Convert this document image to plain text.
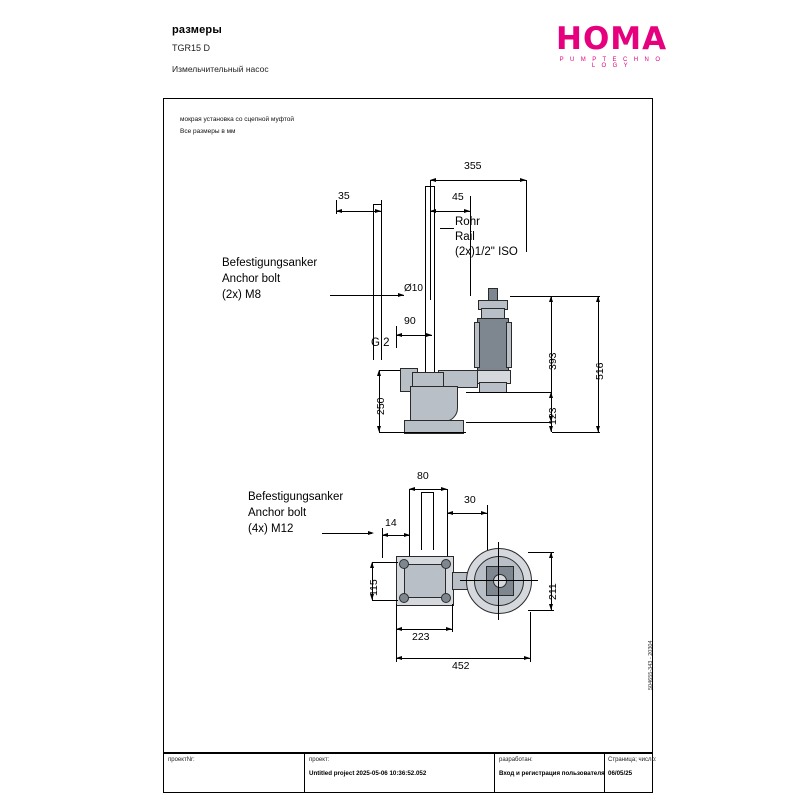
размеры
TGR15 D
Измельчительный насос
HOMA
P U M P T E C H N O L O G Y
мокрая установка со сцепной муфтой
Все размеры в мм
355
45
35
Rohr
Rail
(2x)1/2" ISO
Befestigungsanker
Anchor bolt
(2x) M8
Ø10
90
G 2
250
393
123
516
80
30
14
Befestigungsanker
Anchor bolt
(4x) M12
115	211
223
452	504655-343 - 20304
проектNr:	проект:
Untitled project 2025-05-06 10:36:52.052
разработан:
Вход и регистрация пользователя
Страница; число:
06/05/25
